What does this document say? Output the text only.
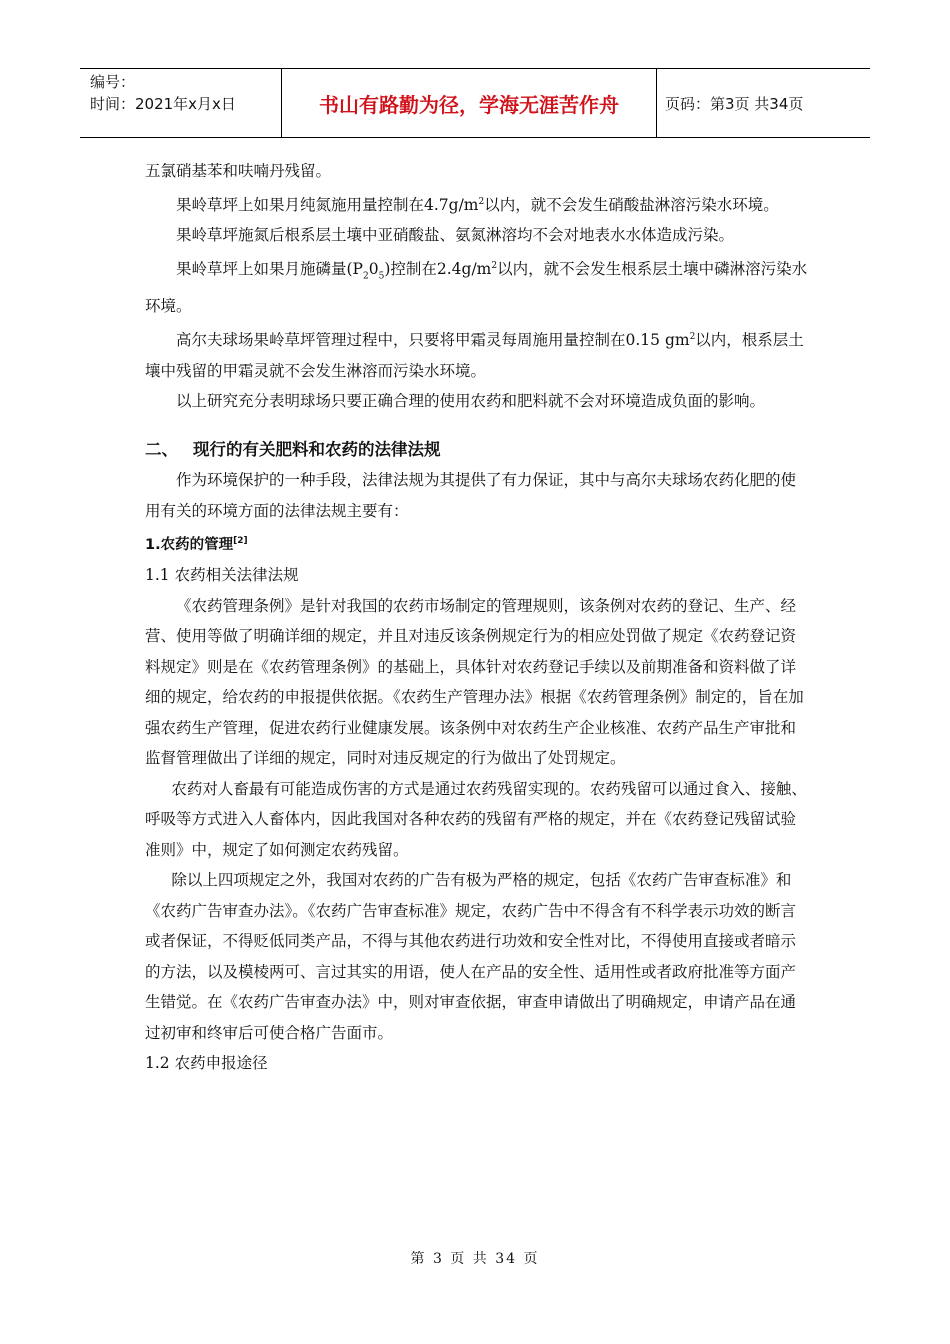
编号：
时间：2021年x月x日	书山有路勤为径，学海无涯苦作舟	页码：第3页 共34页

五氯硝基苯和呋喃丹残留。

果岭草坪上如果月纯氮施用量控制在$4.7g/m^2$以内，就不会发生硝酸盐淋溶污染水环境。

果岭草坪施氮后根系层土壤中亚硝酸盐、氨氮淋溶均不会对地表水水体造成污染。

果岭草坪上如果月施磷量$(P_20_5)$控制在$2.4g/m^2$以内，就不会发生根系层土壤中磷淋溶污染水环境。

高尔夫球场果岭草坪管理过程中，只要将甲霜灵每周施用量控制在0.15 $gm^2$以内，根系层土壤中残留的甲霜灵就不会发生淋溶而污染水环境。

以上研究充分表明球场只要正确合理的使用农药和肥料就不会对环境造成负面的影响。

二、 现行的有关肥料和农药的法律法规

作为环境保护的一种手段，法律法规为其提供了有力保证，其中与高尔夫球场农药化肥的使用有关的环境方面的法律法规主要有：

1.农药的管理[2]

1.1 农药相关法律法规

《农药管理条例》是针对我国的农药市场制定的管理规则，该条例对农药的登记、生产、经营、使用等做了明确详细的规定，并且对违反该条例规定行为的相应处罚做了规定《农药登记资料规定》则是在《农药管理条例》的基础上，具体针对农药登记手续以及前期准备和资料做了详细的规定，给农药的申报提供依据。《农药生产管理办法》根据《农药管理条例》制定的，旨在加强农药生产管理，促进农药行业健康发展。该条例中对农药生产企业核准、农药产品生产审批和监督管理做出了详细的规定，同时对违反规定的行为做出了处罚规定。

农药对人畜最有可能造成伤害的方式是通过农药残留实现的。农药残留可以通过食入、接触、呼吸等方式进入人畜体内，因此我国对各种农药的残留有严格的规定，并在《农药登记残留试验准则》中，规定了如何测定农药残留。

除以上四项规定之外，我国对农药的广告有极为严格的规定，包括《农药广告审查标准》和《农药广告审查办法》。《农药广告审查标准》规定，农药广告中不得含有不科学表示功效的断言或者保证，不得贬低同类产品，不得与其他农药进行功效和安全性对比，不得使用直接或者暗示的方法，以及模棱两可、言过其实的用语，使人在产品的安全性、适用性或者政府批准等方面产生错觉。在《农药广告审查办法》中，则对审查依据，审查申请做出了明确规定，申请产品在通过初审和终审后可使合格广告面市。

1.2 农药申报途径

第 3 页 共 34 页
